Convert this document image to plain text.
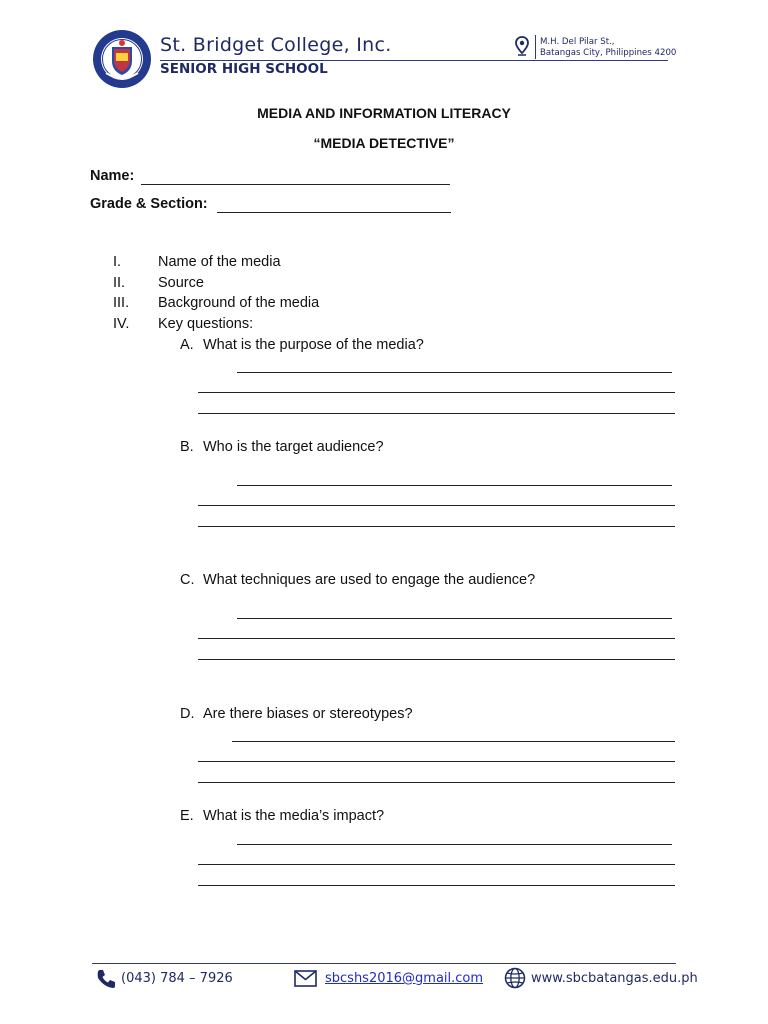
St. Bridget College, Inc.
SENIOR HIGH SCHOOL
M.H. Del Pilar St.,
Batangas City, Philippines 4200
MEDIA AND INFORMATION LITERACY
“MEDIA DETECTIVE”
Name:
Grade & Section:
I.	Name of the media
II. Source
III. Background of the media
IV. Key questions:
A. What is the purpose of the media?
B. Who is the target audience?
C. What techniques are used to engage the audience?
D. Are there biases or stereotypes?
E. What is the media’s impact?
(043) 784 – 7926	sbcshs2016@gmail.com	www.sbcbatangas.edu.ph
